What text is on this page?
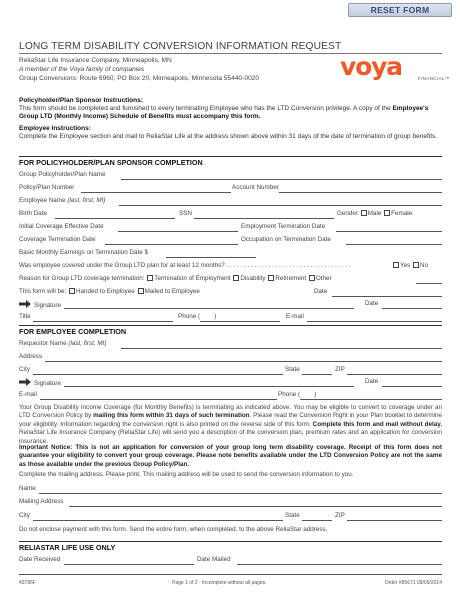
RESET FORM
LONG TERM DISABILITY CONVERSION INFORMATION REQUEST
ReliaStar Life Insurance Company, Minneapolis, MN
A member of the Voya family of companies
Group Conversions: Route 6960, PO Box 20, Minneapolis, Minnesota 55440-0020	voya	FINANCIAL™
Policyholder/Plan Sponsor Instructions:
This form should be completed and furnished to every terminating Employee who has the LTD Conversion privilege. A copy of the Employee's Group LTD (Monthly Income) Schedule of Benefits must accompany this form.
Employee Instructions:
Complete the Employee section and mail to ReliaStar Life at the address shown above within 31 days of the date of termination of group benefits.
FOR POLICYHOLDER/PLAN SPONSOR COMPLETION
Group Policyholder/Plan Name
Policy/Plan Number	Account Number
Employee Name (last, first, MI)
Birth Date	SSN	Gender: Male Female
Initial Coverage Effective Date	Employment Termination Date
Coverage Termination Date	Occupation on Termination Date
Basic Monthly Earnings on Termination Date $
Was employee covered under the Group LTD plan for at least 12 months? . . . . . . . . . . . . . . . . . . . . . . . . . . . . . . . . . . . .	Yes No
Reason for Group LTD coverage termination: Termination of Employment Disability Retirement Other
This form will be: Handed to Employee Mailed to Employee	Date
Signature	Date
Title	Phone ( )	E-mail
FOR EMPLOYEE COMPLETION
Requestor Name (last, first, MI)
Address
City	State	ZIP
Signature	Date
E-mail	Phone ( )
Your Group Disability Income Coverage (for Monthly Benefits) is terminating as indicated above. You may be eligible to convert to coverage under an LTD Conversion Policy by mailing this form within 31 days of such termination. Please read the Conversion Right in your Plan booklet to determine your eligibility. Information regarding the conversion right is also printed on the reverse side of this form. Complete this form and mail without delay. ReliaStar Life Insurance Company (ReliaStar Life) will send you a description of the conversion plan, premium rates and an application for conversion insurance.
Important Notice: This is not an application for conversion of your group long term disability coverage. Receipt of this form does not guarantee your eligibility to convert your group coverage. Please note benefits available under the LTD Conversion Policy are not the same as those available under the previous Group Policy/Plan.
Complete the mailing address. Please print. This mailing address will be used to send the conversion information to you.
Name
Mailing Address
City	State	ZIP
Do not enclose payment with this form. Send the entire form, when completed, to the above ReliaStar address.
RELIASTAR LIFE USE ONLY
Date Received	Date Mailed
43786F	Page 1 of 2 - Incomplete without all pages.	Order #85671 09/09/2014
